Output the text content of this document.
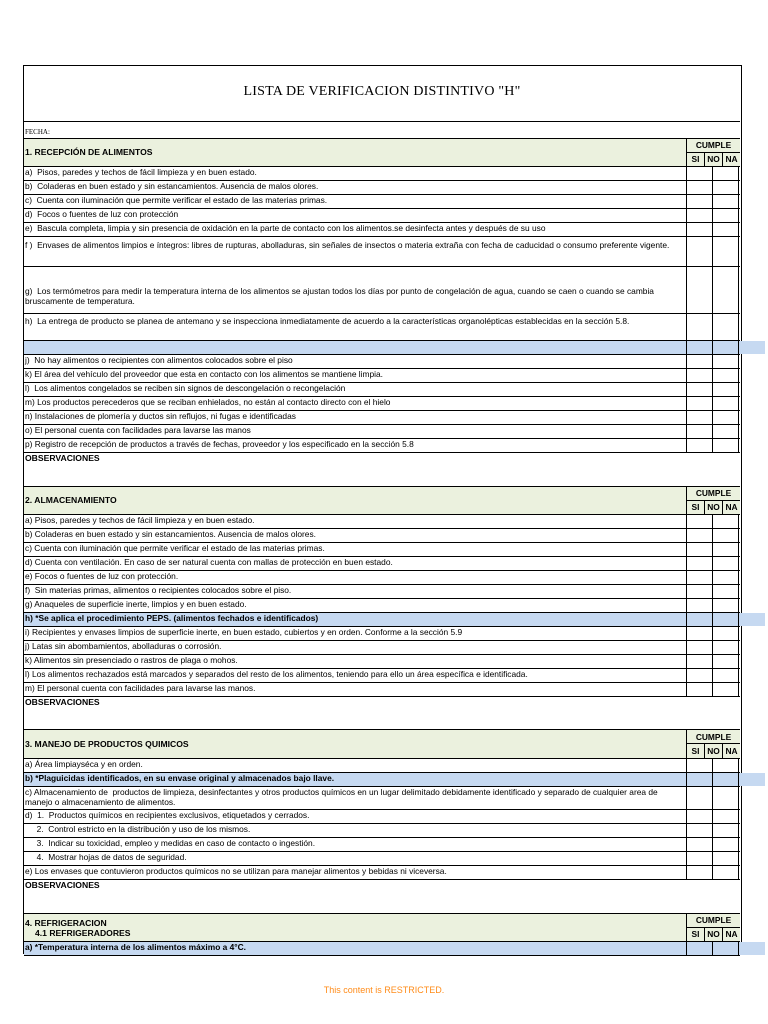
LISTA DE VERIFICACION DISTINTIVO "H"
FECHA:
1. RECEPCIÓN DE ALIMENTOS
CUMPLE
SI NO NA
a)  Pisos, paredes y techos de fácil limpieza y en buen estado.
b)  Coladeras en buen estado y sin estancamientos. Ausencia de malos olores.
c)  Cuenta con iluminación que permite verificar el estado de las materias primas.
d)  Focos o fuentes de luz con protección
e)  Bascula completa, limpia y sin presencia de oxidación en la parte de contacto con los alimentos.se desinfecta antes y después de su uso
f )  Envases de alimentos limpios e íntegros: libres de rupturas, abolladuras, sin señales de insectos o materia extraña con fecha de caducidad o consumo preferente vigente.

g)  Los termómetros para medir la temperatura interna de los alimentos se ajustan todos los días por punto de congelación de agua, cuando se caen o cuando se cambia bruscamente de temperatura.

h)  La entrega de producto se planea de antemano y se inspecciona inmediatamente de acuerdo a la características organolépticas establecidas en la sección 5.8.

j)  No hay alimentos o recipientes con alimentos colocados sobre el piso
k) El área del vehículo del proveedor que esta en contacto con los alimentos se mantiene limpia.
l)  Los alimentos congelados se reciben sin signos de descongelación o recongelación
m) Los productos perecederos que se reciban enhielados, no están al contacto directo con el hielo
n) Instalaciones de plomería y ductos sin reflujos, ni fugas e identificadas
o) El personal cuenta con facilidades para lavarse las manos
p) Registro de recepción de productos a través de fechas, proveedor y los especificado en la sección 5.8
OBSERVACIONES
2. ALMACENAMIENTO
CUMPLE
SI NO NA
a) Pisos, paredes y techos de fácil limpieza y en buen estado.
b) Coladeras en buen estado y sin estancamientos. Ausencia de malos olores.
c) Cuenta con iluminación que permite verificar el estado de las materias primas.
d) Cuenta con ventilación. En caso de ser natural cuenta con mallas de protección en buen estado.
e) Focos o fuentes de luz con protección.
f)  Sin materias primas, alimentos o recipientes colocados sobre el piso.
g) Anaqueles de superficie inerte, limpios y en buen estado.
h) *Se aplica el procedimiento PEPS. (alimentos fechados e identificados)
i) Recipientes y envases limpios de superficie inerte, en buen estado, cubiertos y en orden. Conforme a la sección 5.9
j) Latas sin abombamientos, abolladuras o corrosión.
k) Alimentos sin presenciado o rastros de plaga o mohos.
l) Los alimentos rechazados está marcados y separados del resto de los alimentos, teniendo para ello un área específica e identificada.
m) El personal cuenta con facilidades para lavarse las manos.
OBSERVACIONES
3. MANEJO DE PRODUCTOS QUIMICOS
CUMPLE
SI NO NA
a) Área limpiayséca y en orden.
b) *Plaguicidas identificados, en su envase original y almacenados bajo llave.
c) Almacenamiento de  productos de limpieza, desinfectantes y otros productos químicos en un lugar delimitado debidamente identificado y separado de cualquier area de manejo o almacenamiento de alimentos.
d)  1.  Productos químicos en recipientes exclusivos, etiquetados y cerrados.
2.  Control estricto en la distribución y uso de los mismos.
3.  Indicar su toxicidad, empleo y medidas en caso de contacto o ingestión.
4.  Mostrar hojas de datos de seguridad.
e) Los envases que contuvieron productos químicos no se utilizan para manejar alimentos y bebidas ni viceversa.
OBSERVACIONES
4. REFRIGERACION
4.1 REFRIGERADORES
CUMPLE
SI NO NA
a) *Temperatura interna de los alimentos máximo a 4°C.
This content is RESTRICTED.
